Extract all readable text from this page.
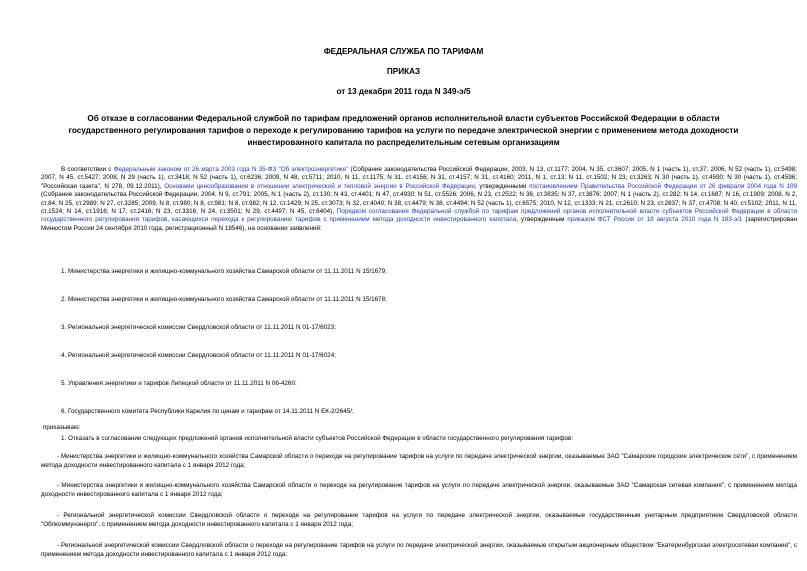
ФЕДЕРАЛЬНАЯ СЛУЖБА ПО ТАРИФАМ
ПРИКАЗ
от 13 декабря 2011 года N 349-э/5
Об отказе в согласовании Федеральной службой по тарифам предложений органов исполнительной власти субъектов Российской Федерации в области
государственного регулирования тарифов о переходе к регулированию тарифов на услуги по передаче электрической энергии с применением метода доходности
инвестированного капитала по распределительным сетевым организациям

В соответствии с Федеральным законом от 26 марта 2003 года N 35-ФЗ "Об электроэнергетике" (Собрание законодательства Российской Федерации, 2003, N 13, ст.1177; 2004, N 35, ст.3607; 2005, N 1 (часть 1), ст.37; 2006, N 52 (часть 1), ст.5498; 2007, N 45, ст.5427; 2008, N 29 (часть 1), ст.3418; N 52 (часть 1), ст.6236; 2009, N 48, ст.5711; 2010, N 11, ст.1175; N 31, ст.4156; N 31, ст.4157; N 31, ст.4160; 2011, N 1, ст.13; N 11, ст.1502; N 23, ст.3263; N 30 (часть 1), ст.4590; N 30 (часть 1), ст.4596; "Российская газета", N 278, 09.12.2011), Основами ценообразования в отношении электрической и тепловой энергии в Российской Федерации, утвержденными постановлением Правительства Российской Федерации от 26 февраля 2004 года N 109 (Собрание законодательства Российской Федерации, 2004, N 9, ст.791; 2005, N 1 (часть 2), ст.130; N 43, ст.4401; N 47, ст.4930; N 51, ст.5526; 2006, N 23, ст.2522; N 36, ст.3835; N 37, ст.3876; 2007, N 1 (часть 2), ст.282; N 14, ст.1687; N 16, ст.1909; 2008, N 2, ст.84; N 25, ст.2989; N 27, ст.3285; 2009, N 8, ст.980; N 8, ст.981; N 8, ст.982; N 12, ст.1429; N 25, ст.3073; N 32, ст.4040; N 38, ст.4479; N 38, ст.4494; N 52 (часть 1), ст.6575; 2010, N 12, ст.1333; N 21, ст.2610; N 23, ст.2837; N 37, ст.4708; N 40, ст.5102; 2011, N 11, ст.1524; N 14, ст.1916; N 17, ст.2416; N 23, ст.3316; N 24, ст.3501; N 29, ст.4497; N 45, ст.6404), Порядком согласования Федеральной службой по тарифам предложений органов исполнительной власти субъектов Российской Федерации в области государственного регулирования тарифов, касающихся перехода к регулированию тарифов с применением метода доходности инвестированного капитала, утвержденным приказом ФСТ России от 18 августа 2010 года N 183-э/1 (зарегистрирован Минюстом России 24 сентября 2010 года, регистрационный N 18546), на основании заявлений:

1. Министерства энергетики и жилищно-коммунального хозяйства Самарской области от 11.11.2011 N 15/1679;
2. Министерства энергетики и жилищно-коммунального хозяйства Самарской области от 11.11.2011 N 15/1678;
3. Региональной энергетической комиссии Свердловской области от 11.11.2011 N 01-17/6023;
4. Региональной энергетической комиссии Свердловской области от 11.11.2011 N 01-17/6024;
5. Управления энергетики и тарифов Липецкой области от 11.11.2011 N 06-4260;
6. Государственного комитета Республики Карелия по ценам и тарифам от 14.11.2011 N ЕК-2/2645/;
приказываю:
1. Отказать в согласовании следующих предложений органов исполнительной власти субъектов Российской Федерации в области государственного регулирования тарифов:
- Министерства энергетики и жилищно-коммунального хозяйства Самарской области о переходе на регулирование тарифов на услуги по передаче электрической энергии, оказываемые ЗАО "Самарские городские электрические сети", с применением метода доходности инвестированного капитала с 1 января 2012 года;
- Министерства энергетики и жилищно-коммунального хозяйства Самарской области о переходе на регулирование тарифов на услуги по передаче электрической энергии, оказываемые ЗАО "Самарская сетевая компания", с применением метода доходности инвестированного капитала с 1 января 2012 года;
- Региональной энергетической комиссии Свердловской области о переходе на регулирование тарифов на услуги по передаче электрической энергии, оказываемые государственным унитарным предприятием Свердловской области "Облкоммунэнерго", с применением метода доходности инвестированного капитала с 1 января 2012 года;
- Региональной энергетической комиссии Свердловской области о переходе на регулирование тарифов на услуги по передаче электрической энергии, оказываемые открытым акционерным обществом "Екатеринбургская электросетевая компания", с применением метода доходности инвестированного капитала с 1 января 2012 года;
